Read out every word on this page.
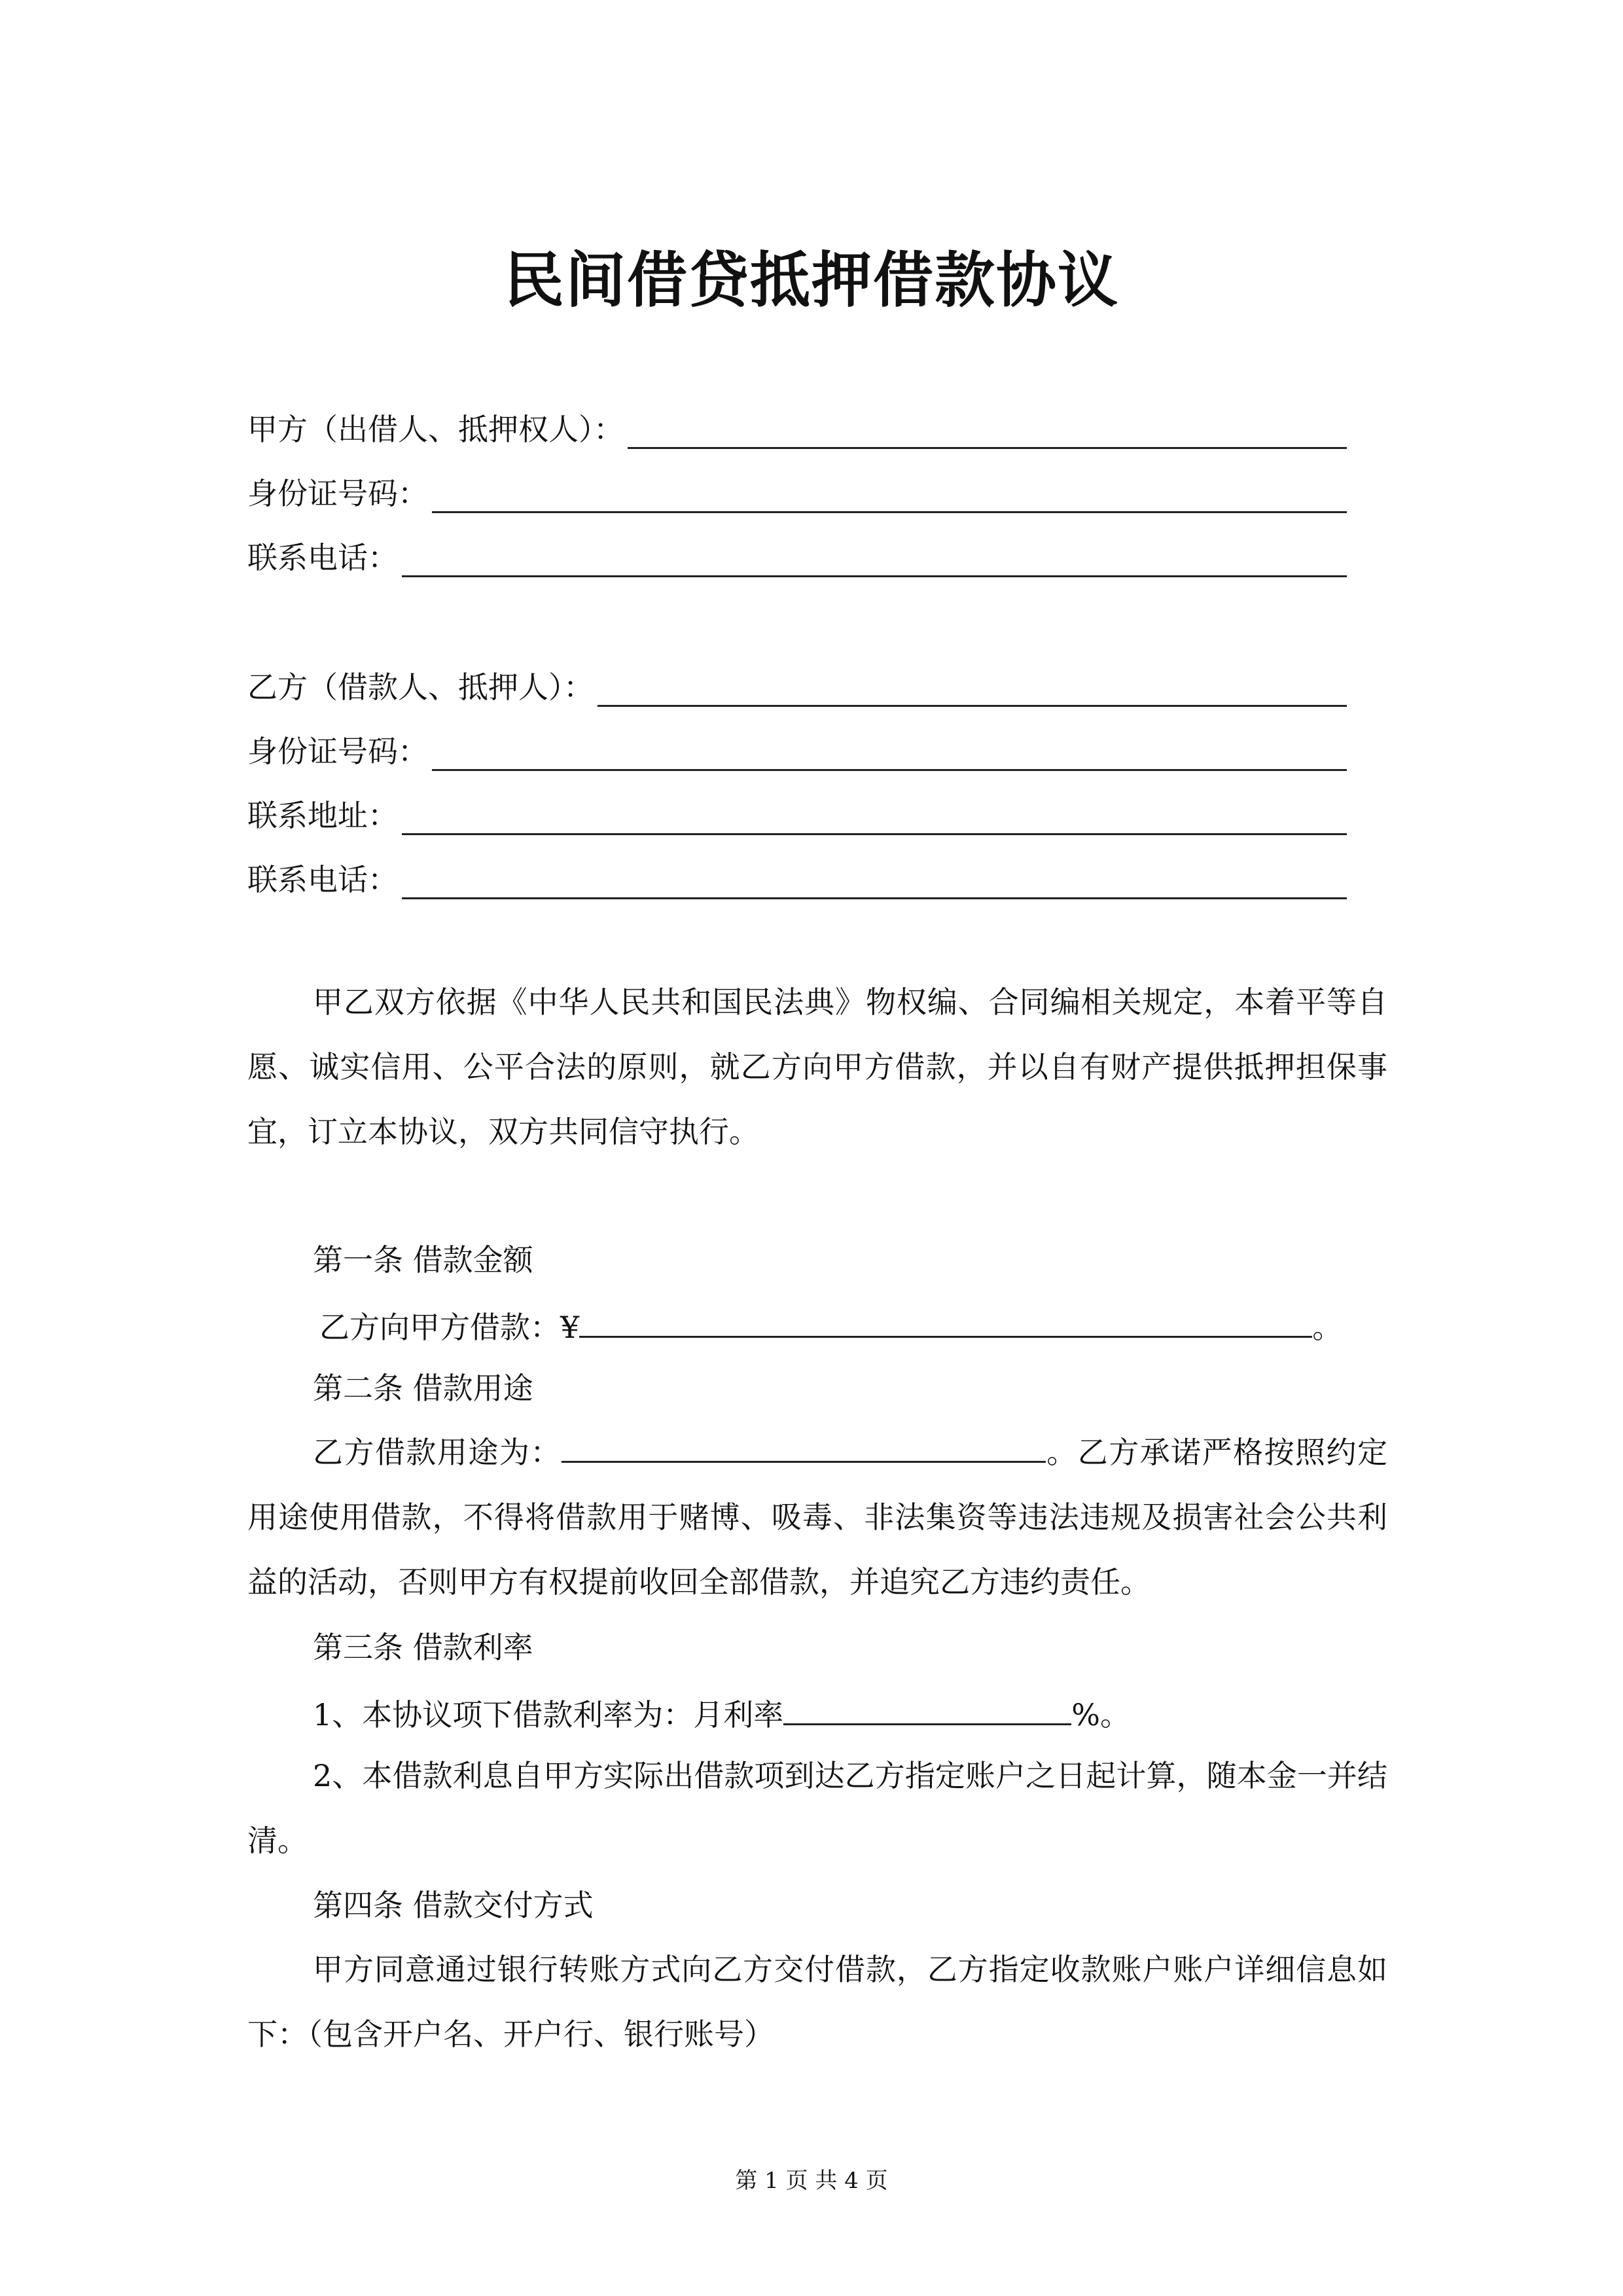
民间借贷抵押借款协议
甲方（出借人、抵押权人）：
身份证号码：
联系电话：
乙方（借款人、抵押人）：
身份证号码：
联系地址：
联系电话：

甲乙双方依据《中华人民共和国民法典》物权编、合同编相关规定，本着平等自愿、诚实信用、公平合法的原则，就乙方向甲方借款，并以自有财产提供抵押担保事宜，订立本协议，双方共同信守执行。

第一条 借款金额
乙方向甲方借款：¥	。
第二条 借款用途

乙方借款用途为：	。乙方承诺严格按照约定用途使用借款，不得将借款用于赌博、吸毒、非法集资等违法违规及损害社会公共利益的活动，否则甲方有权提前收回全部借款，并追究乙方违约责任。

第三条 借款利率
1、本协议项下借款利率为：月利率	%。

2、本借款利息自甲方实际出借款项到达乙方指定账户之日起计算，随本金一并结清。

第四条 借款交付方式

甲方同意通过银行转账方式向乙方交付借款，乙方指定收款账户账户详细信息如下：（包含开户名、开户行、银行账号）

第 1 页 共 4 页
